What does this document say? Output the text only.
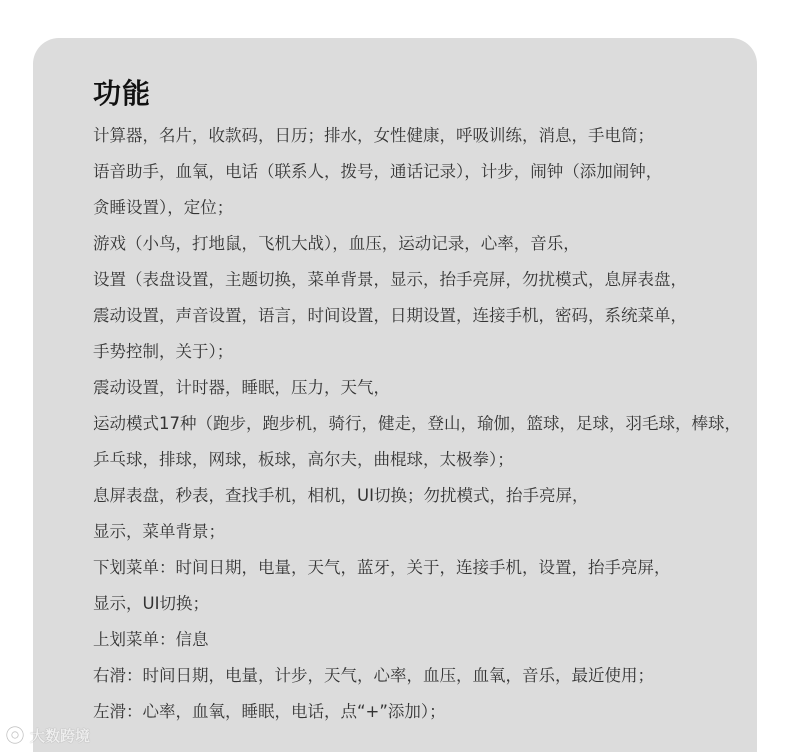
功能
计算器，名片，收款码，日历；排水，女性健康，呼吸训练，消息，手电筒；
语音助手，血氧，电话（联系人，拨号，通话记录），计步，闹钟（添加闹钟，
贪睡设置），定位；
游戏（小鸟，打地鼠，飞机大战），血压，运动记录，心率，音乐，
设置（表盘设置，主题切换，菜单背景，显示，抬手亮屏，勿扰模式，息屏表盘，
震动设置，声音设置，语言，时间设置，日期设置，连接手机，密码，系统菜单，
手势控制，关于）；
震动设置，计时器，睡眠，压力，天气，
运动模式17种（跑步，跑步机，骑行，健走，登山，瑜伽，篮球，足球，羽毛球，棒球，
乒乓球，排球，网球，板球，高尔夫，曲棍球，太极拳）；
息屏表盘，秒表，查找手机，相机，UI切换；勿扰模式，抬手亮屏，
显示，菜单背景；
下划菜单：时间日期，电量，天气，蓝牙，关于，连接手机，设置，抬手亮屏，
显示，UI切换；
上划菜单：信息
右滑：时间日期，电量，计步，天气，心率，血压，血氧，音乐，最近使用；
左滑：心率，血氧，睡眠，电话，点“+”添加）；
大数跨境
